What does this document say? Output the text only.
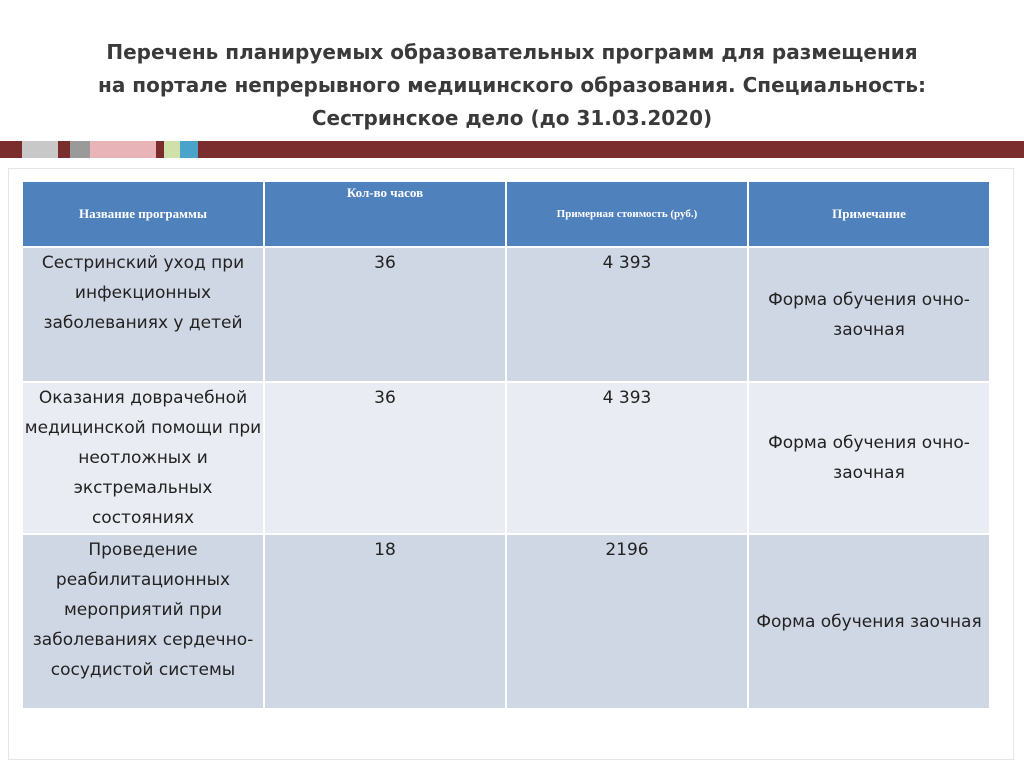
Перечень планируемых образовательных программ для размещения
на портале непрерывного медицинского образования. Специальность:
Сестринское дело (до 31.03.2020)
Название программы	Кол-во часов	Примерная стоимость (руб.)	Примечание
Сестринский уход при инфекционных заболеваниях у детей	36	4 393	Форма обучения очно-заочная
Оказания доврачебной медицинской помощи при неотложных и экстремальных состояниях	36	4 393	Форма обучения очно-заочная
Проведение реабилитационных мероприятий при заболеваниях сердечно-сосудистой системы	18	2196	Форма обучения заочная
